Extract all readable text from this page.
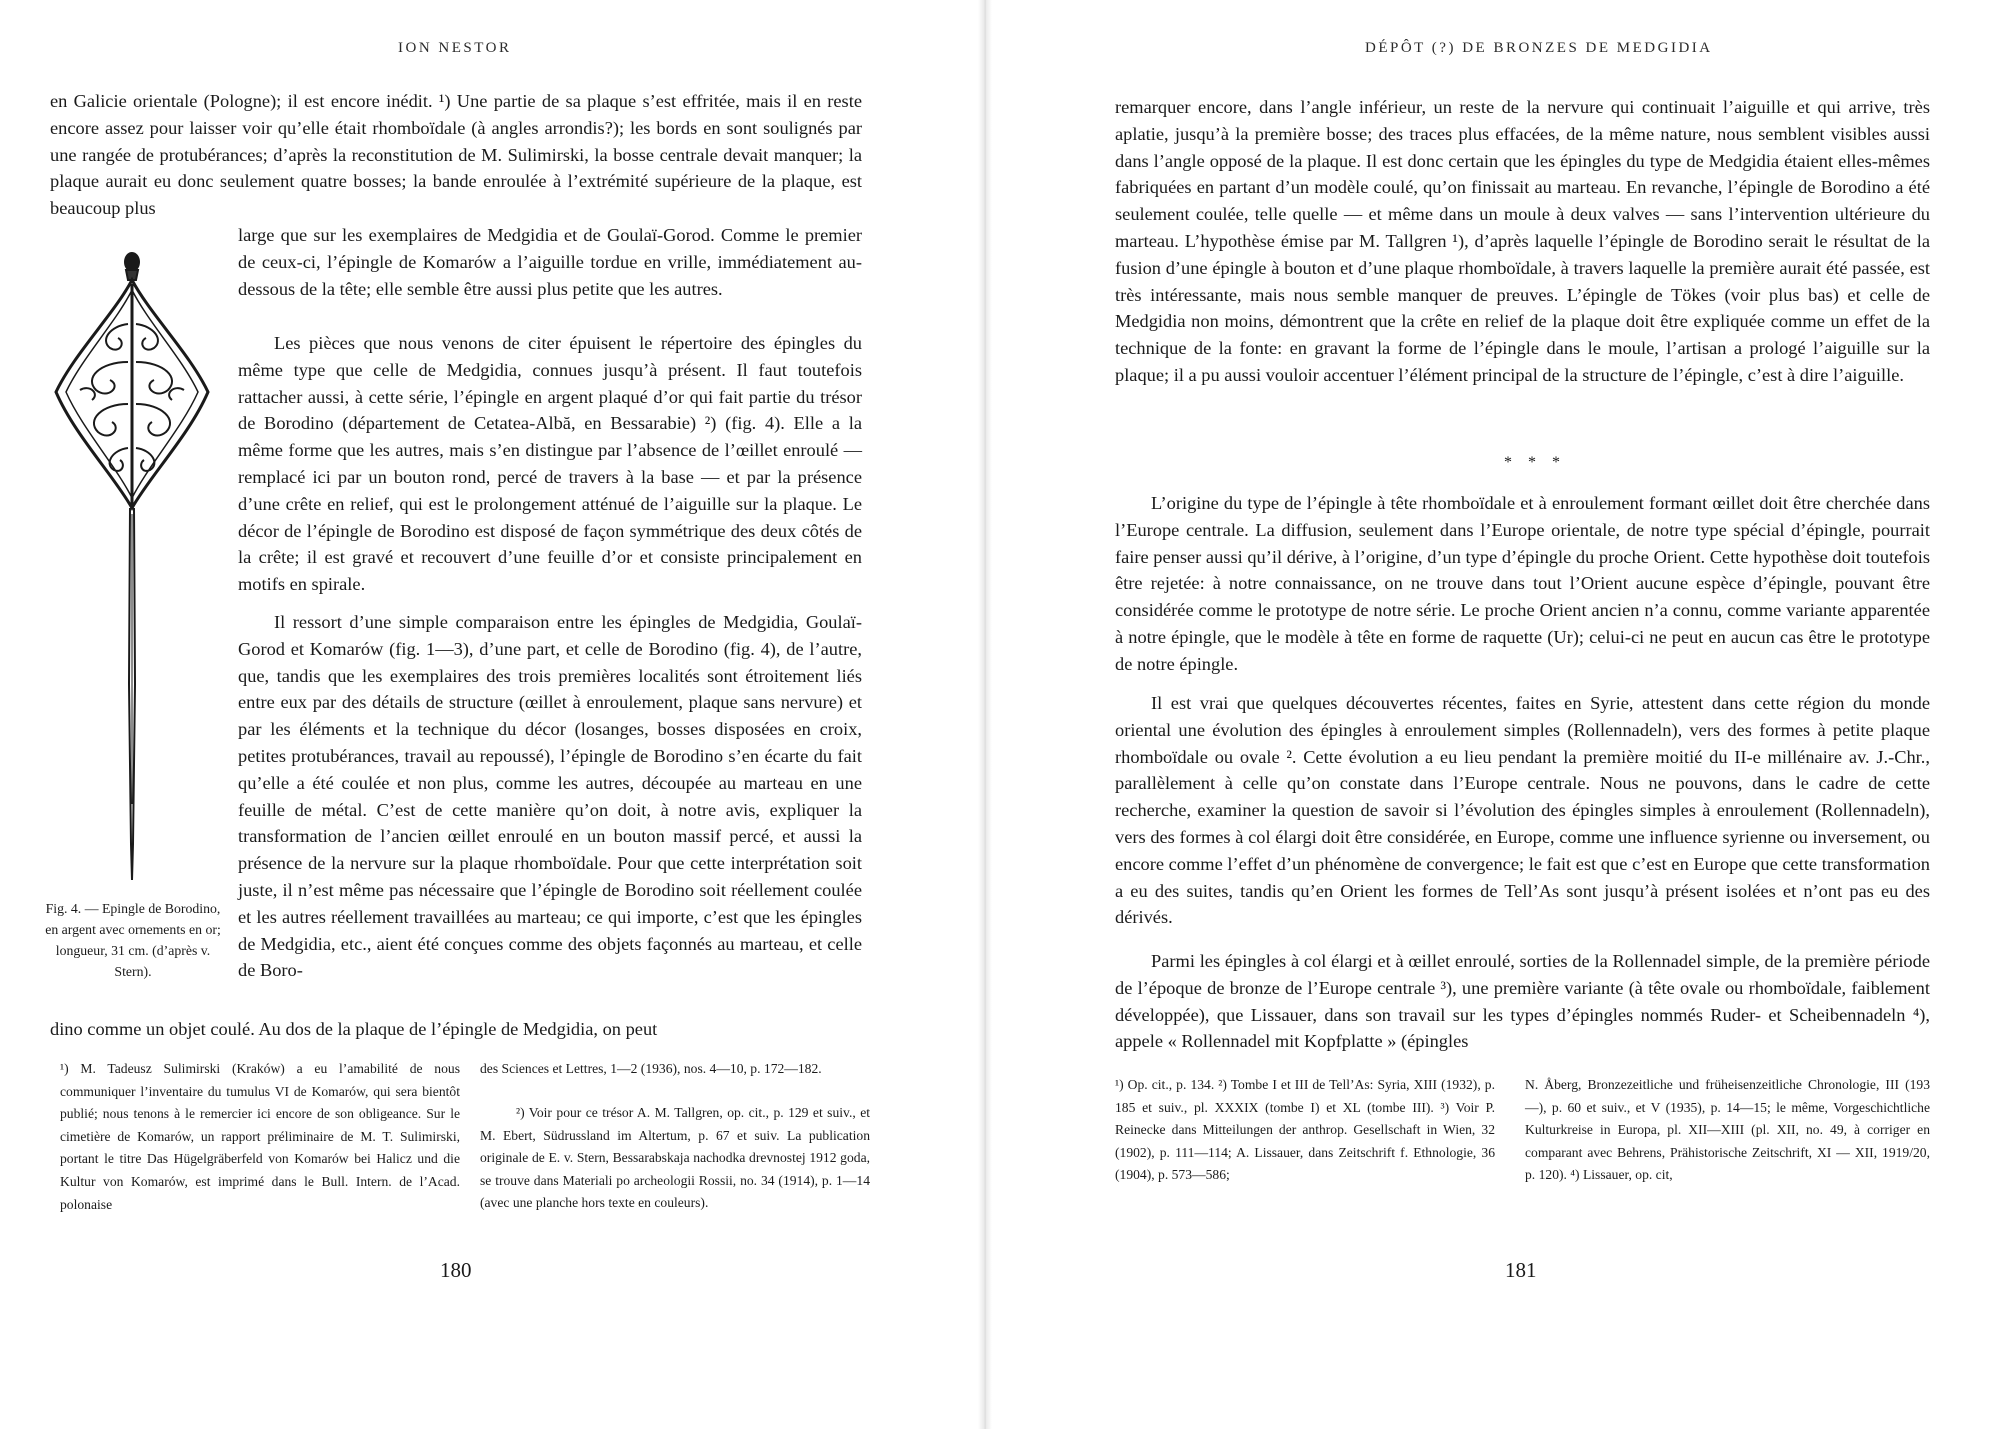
ION NESTOR

en Galicie orientale (Pologne); il est encore inédit. ¹) Une partie de sa plaque s’est effritée, mais il en reste encore assez pour laisser voir qu’elle était rhomboïdale (à angles arrondis?); les bords en sont soulignés par une rangée de protubérances; d’après la reconstitution de M. Sulimirski, la bosse centrale devait manquer; la plaque aurait eu donc seulement quatre bosses; la bande enroulée à l’extrémité supérieure de la plaque, est beaucoup plus

large que sur les exemplaires de Medgidia et de Goulaï-Gorod. Comme le premier de ceux-ci, l’épingle de Komarów a l’aiguille tordue en vrille, immédiatement au-dessous de la tête; elle semble être aussi plus petite que les autres.

Les pièces que nous venons de citer épuisent le répertoire des épingles du même type que celle de Medgidia, connues jusqu’à présent. Il faut toutefois rattacher aussi, à cette série, l’épingle en argent plaqué d’or qui fait partie du trésor de Borodino (département de Cetatea-Albă, en Bessarabie) ²) (fig. 4). Elle a la même forme que les autres, mais s’en distingue par l’absence de l’œillet enroulé — remplacé ici par un bouton rond, percé de travers à la base — et par la présence d’une crête en relief, qui est le prolongement atténué de l’aiguille sur la plaque. Le décor de l’épingle de Borodino est disposé de façon symmétrique des deux côtés de la crête; il est gravé et recouvert d’une feuille d’or et consiste principalement en motifs en spirale.

Il ressort d’une simple comparaison entre les épingles de Medgidia, Goulaï-Gorod et Komarów (fig. 1—3), d’une part, et celle de Borodino (fig. 4), de l’autre, que, tandis que les exemplaires des trois premières localités sont étroitement liés entre eux par des détails de structure (œillet à enroulement, plaque sans nervure) et par les éléments et la technique du décor (losanges, bosses disposées en croix, petites protubérances, travail au repoussé), l’épingle de Borodino s’en écarte du fait qu’elle a été coulée et non plus, comme les autres, découpée au marteau en une feuille de métal. C’est de cette manière qu’on doit, à notre avis, expliquer la transformation de l’ancien œillet enroulé en un bouton massif percé, et aussi la présence de la nervure sur la plaque rhomboïdale. Pour que cette interprétation soit juste, il n’est même pas nécessaire que l’épingle de Borodino soit réellement coulée et les autres réellement travaillées au marteau; ce qui importe, c’est que les épingles de Medgidia, etc., aient été conçues comme des objets façonnés au marteau, et celle de Boro-

Fig. 4. — Epingle de Borodino, en argent avec ornements en or; longueur, 31 cm. (d’après v. Stern).

dino comme un objet coulé. Au dos de la plaque de l’épingle de Medgidia, on peut

¹) M. Tadeusz Sulimirski (Kraków) a eu l’amabilité de nous communiquer l’inventaire du tumulus VI de Komarów, qui sera bientôt publié; nous tenons à le remercier ici encore de son obligeance. Sur le cimetière de Komarów, un rapport préliminaire de M. T. Sulimirski, portant le titre Das Hügelgräberfeld von Komarów bei Halicz und die Kultur von Komarów, est imprimé dans le Bull. Intern. de l’Acad. polonaise

des Sciences et Lettres, 1—2 (1936), nos. 4—10, p. 172—182.

²) Voir pour ce trésor A. M. Tallgren, op. cit., p. 129 et suiv., et M. Ebert, Südrussland im Altertum, p. 67 et suiv. La publication originale de E. v. Stern, Bessarabskaja nachodka drevnostej 1912 goda, se trouve dans Materiali po archeologii Rossii, no. 34 (1914), p. 1—14 (avec une planche hors texte en couleurs).

180
DÉPÔT (?) DE BRONZES DE MEDGIDIA

remarquer encore, dans l’angle inférieur, un reste de la nervure qui continuait l’aiguille et qui arrive, très aplatie, jusqu’à la première bosse; des traces plus effacées, de la même nature, nous semblent visibles aussi dans l’angle opposé de la plaque. Il est donc certain que les épingles du type de Medgidia étaient elles-mêmes fabriquées en partant d’un modèle coulé, qu’on finissait au marteau. En revanche, l’épingle de Borodino a été seulement coulée, telle quelle — et même dans un moule à deux valves — sans l’intervention ultérieure du marteau. L’hypothèse émise par M. Tallgren ¹), d’après laquelle l’épingle de Borodino serait le résultat de la fusion d’une épingle à bouton et d’une plaque rhomboïdale, à travers laquelle la première aurait été passée, est très intéressante, mais nous semble manquer de preuves. L’épingle de Tökes (voir plus bas) et celle de Medgidia non moins, démontrent que la crête en relief de la plaque doit être expliquée comme un effet de la technique de la fonte: en gravant la forme de l’épingle dans le moule, l’artisan a prologé l’aiguille sur la plaque; il a pu aussi vouloir accentuer l’élément principal de la structure de l’épingle, c’est à dire l’aiguille.

* * *

L’origine du type de l’épingle à tête rhomboïdale et à enroulement formant œillet doit être cherchée dans l’Europe centrale. La diffusion, seulement dans l’Europe orientale, de notre type spécial d’épingle, pourrait faire penser aussi qu’il dérive, à l’origine, d’un type d’épingle du proche Orient. Cette hypothèse doit toutefois être rejetée: à notre connaissance, on ne trouve dans tout l’Orient aucune espèce d’épingle, pouvant être considérée comme le prototype de notre série. Le proche Orient ancien n’a connu, comme variante apparentée à notre épingle, que le modèle à tête en forme de raquette (Ur); celui-ci ne peut en aucun cas être le prototype de notre épingle.

Il est vrai que quelques découvertes récentes, faites en Syrie, attestent dans cette région du monde oriental une évolution des épingles à enroulement simples (Rollennadeln), vers des formes à petite plaque rhomboïdale ou ovale ². Cette évolution a eu lieu pendant la première moitié du II-e millénaire av. J.-Chr., parallèlement à celle qu’on constate dans l’Europe centrale. Nous ne pouvons, dans le cadre de cette recherche, examiner la question de savoir si l’évolution des épingles simples à enroulement (Rollennadeln), vers des formes à col élargi doit être considérée, en Europe, comme une influence syrienne ou inversement, ou encore comme l’effet d’un phénomène de convergence; le fait est que c’est en Europe que cette transformation a eu des suites, tandis qu’en Orient les formes de Tell’As sont jusqu’à présent isolées et n’ont pas eu des dérivés.

Parmi les épingles à col élargi et à œillet enroulé, sorties de la Rollennadel simple, de la première période de l’époque de bronze de l’Europe centrale ³), une première variante (à tête ovale ou rhomboïdale, faiblement développée), que Lissauer, dans son travail sur les types d’épingles nommés Ruder- et Scheibennadeln ⁴), appele « Rollennadel mit Kopfplatte » (épingles

¹) Op. cit., p. 134. ²) Tombe I et III de Tell’As: Syria, XIII (1932), p. 185 et suiv., pl. XXXIX (tombe I) et XL (tombe III). ³) Voir P. Reinecke dans Mitteilungen der anthrop. Gesellschaft in Wien, 32 (1902), p. 111—114; A. Lissauer, dans Zeitschrift f. Ethnologie, 36 (1904), p. 573—586;

N. Åberg, Bronzezeitliche und früheisenzeitliche Chronologie, III (193—), p. 60 et suiv., et V (1935), p. 14—15; le même, Vorgeschichtliche Kulturkreise in Europa, pl. XII—XIII (pl. XII, no. 49, à corriger en comparant avec Behrens, Prähistorische Zeitschrift, XI — XII, 1919/20, p. 120). ⁴) Lissauer, op. cit,

181
